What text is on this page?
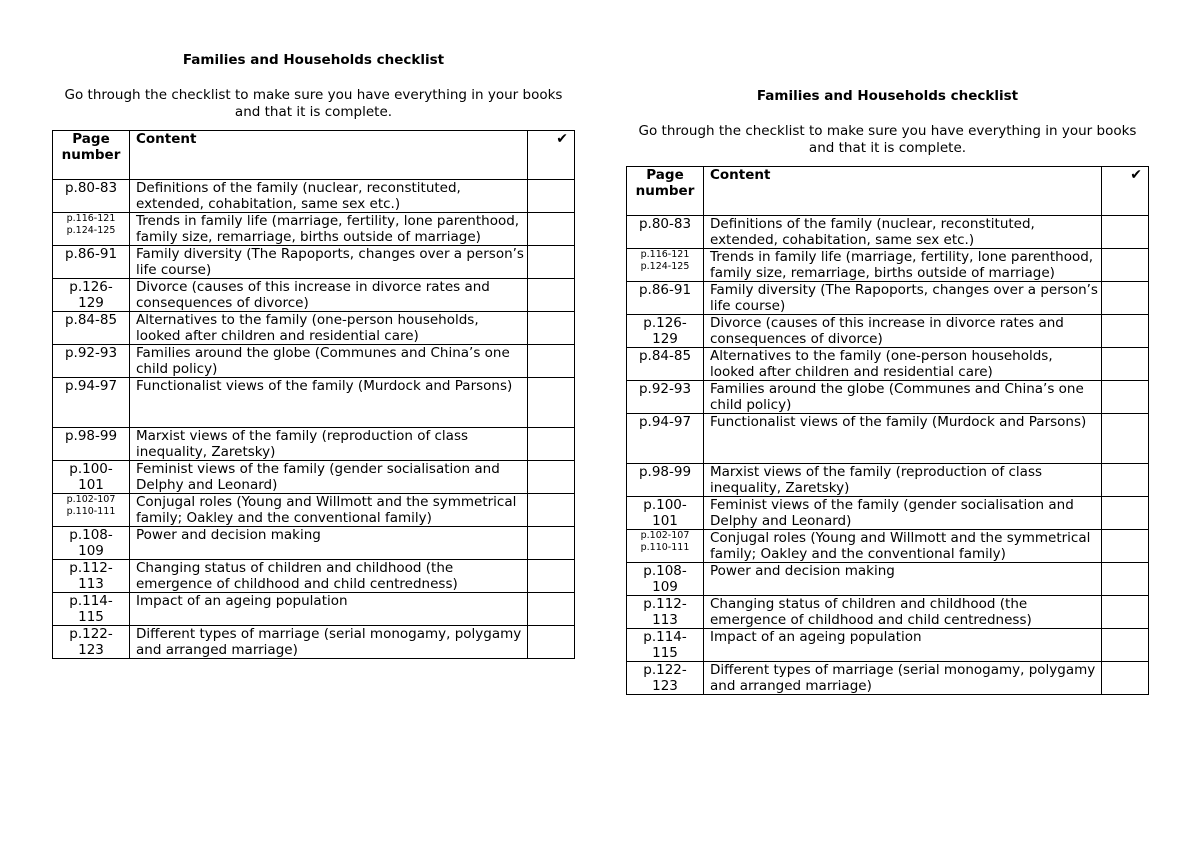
Families and Households checklist
Go through the checklist to make sure you have everything in your books and that it is complete.
Page number	Content	✔
p.80-83	Definitions of the family (nuclear, reconstituted, extended, cohabitation, same sex etc.)	
p.116-121 p.124-125	Trends in family life (marriage, fertility, lone parenthood, family size, remarriage, births outside of marriage)	
p.86-91	Family diversity (The Rapoports, changes over a person’s life course)	
p.126-129	Divorce (causes of this increase in divorce rates and consequences of divorce)	
p.84-85	Alternatives to the family (one-person households, looked after children and residential care)	
p.92-93	Families around the globe (Communes and China’s one child policy)	
p.94-97	Functionalist views of the family (Murdock and Parsons)	
p.98-99	Marxist views of the family (reproduction of class inequality, Zaretsky)	
p.100-101	Feminist views of the family (gender socialisation and Delphy and Leonard)	
p.102-107 p.110-111	Conjugal roles (Young and Willmott and the symmetrical family; Oakley and the conventional family)	
p.108-109	Power and decision making	
p.112-113	Changing status of children and childhood (the emergence of childhood and child centredness)	
p.114-115	Impact of an ageing population	
p.122-123	Different types of marriage (serial monogamy, polygamy and arranged marriage)	
Families and Households checklist
Go through the checklist to make sure you have everything in your books and that it is complete.
Page number	Content	✔
p.80-83	Definitions of the family (nuclear, reconstituted, extended, cohabitation, same sex etc.)	
p.116-121 p.124-125	Trends in family life (marriage, fertility, lone parenthood, family size, remarriage, births outside of marriage)	
p.86-91	Family diversity (The Rapoports, changes over a person’s life course)	
p.126-129	Divorce (causes of this increase in divorce rates and consequences of divorce)	
p.84-85	Alternatives to the family (one-person households, looked after children and residential care)	
p.92-93	Families around the globe (Communes and China’s one child policy)	
p.94-97	Functionalist views of the family (Murdock and Parsons)	
p.98-99	Marxist views of the family (reproduction of class inequality, Zaretsky)	
p.100-101	Feminist views of the family (gender socialisation and Delphy and Leonard)	
p.102-107 p.110-111	Conjugal roles (Young and Willmott and the symmetrical family; Oakley and the conventional family)	
p.108-109	Power and decision making	
p.112-113	Changing status of children and childhood (the emergence of childhood and child centredness)	
p.114-115	Impact of an ageing population	
p.122-123	Different types of marriage (serial monogamy, polygamy and arranged marriage)	
